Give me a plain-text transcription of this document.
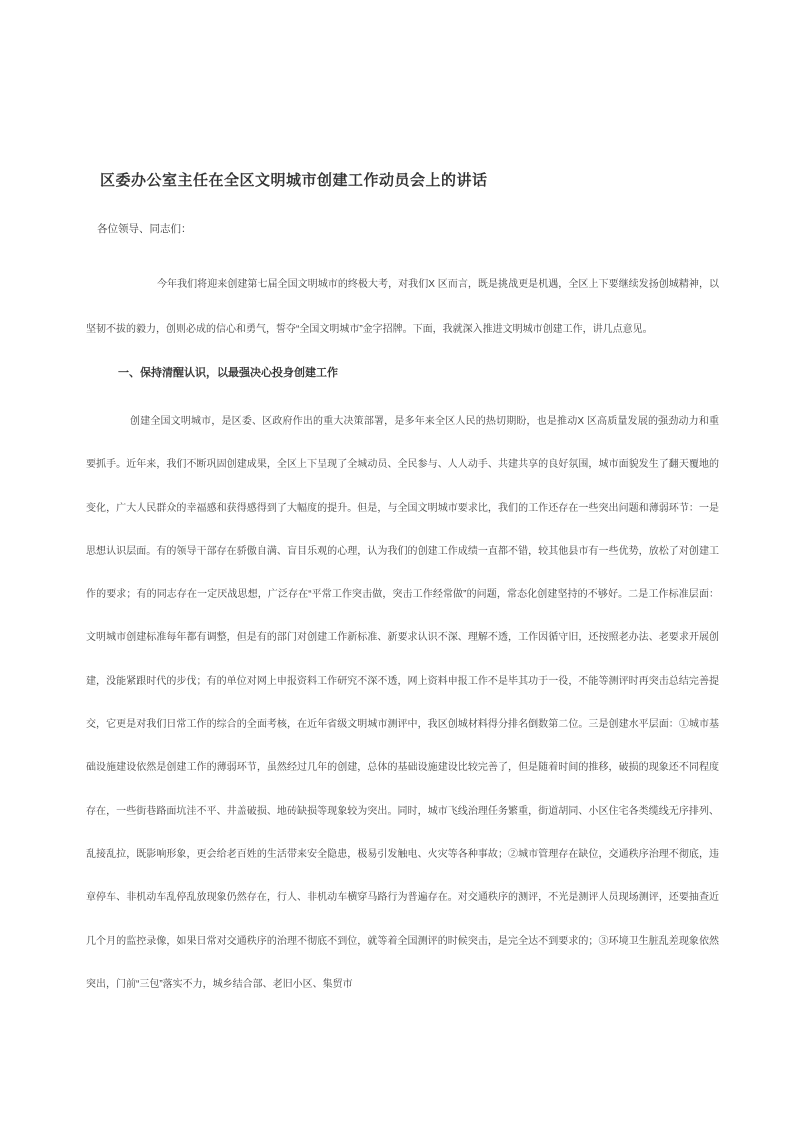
区委办公室主任在全区文明城市创建工作动员会上的讲话

各位领导、同志们：

今年我们将迎来创建第七届全国文明城市的终极大考，对我们X 区而言，既是挑战更是机遇，全区上下要继续发扬创城精神，以坚韧不拔的毅力，创则必成的信心和勇气，誓夺“全国文明城市”金字招牌。下面，我就深入推进文明城市创建工作，讲几点意见。

一、保持清醒认识，以最强决心投身创建工作

创建全国文明城市，是区委、区政府作出的重大决策部署，是多年来全区人民的热切期盼，也是推动X 区高质量发展的强劲动力和重要抓手。近年来，我们不断巩固创建成果，全区上下呈现了全城动员、全民参与、人人动手、共建共享的良好氛围，城市面貌发生了翻天覆地的变化，广大人民群众的幸福感和获得感得到了大幅度的提升。但是，与全国文明城市要求比，我们的工作还存在一些突出问题和薄弱环节：一是思想认识层面。有的领导干部存在骄傲自满、盲目乐观的心理，认为我们的创建工作成绩一直都不错，较其他县市有一些优势，放松了对创建工作的要求；有的同志存在一定厌战思想，广泛存在“平常工作突击做，突击工作经常做”的问题，常态化创建坚持的不够好。二是工作标准层面：文明城市创建标准每年都有调整，但是有的部门对创建工作新标准、新要求认识不深、理解不透，工作因循守旧，还按照老办法、老要求开展创建，没能紧跟时代的步伐；有的单位对网上申报资料工作研究不深不透，网上资料申报工作不是毕其功于一役，不能等测评时再突击总结完善提交，它更是对我们日常工作的综合的全面考核，在近年省级文明城市测评中，我区创城材料得分排名倒数第二位。三是创建水平层面：①城市基础设施建设依然是创建工作的薄弱环节，虽然经过几年的创建，总体的基础设施建设比较完善了，但是随着时间的推移，破损的现象还不同程度存在，一些街巷路面坑洼不平、井盖破损、地砖缺损等现象较为突出。同时，城市飞线治理任务繁重，街道胡同、小区住宅各类缆线无序排列、乱接乱拉，既影响形象，更会给老百姓的生活带来安全隐患，极易引发触电、火灾等各种事故；②城市管理存在缺位，交通秩序治理不彻底，违章停车、非机动车乱停乱放现象仍然存在，行人、非机动车横穿马路行为普遍存在。对交通秩序的测评，不光是测评人员现场测评，还要抽查近几个月的监控录像，如果日常对交通秩序的治理不彻底不到位，就等着全国测评的时候突击，是完全达不到要求的；③环境卫生脏乱差现象依然突出，门前“三包”落实不力，城乡结合部、老旧小区、集贸市
